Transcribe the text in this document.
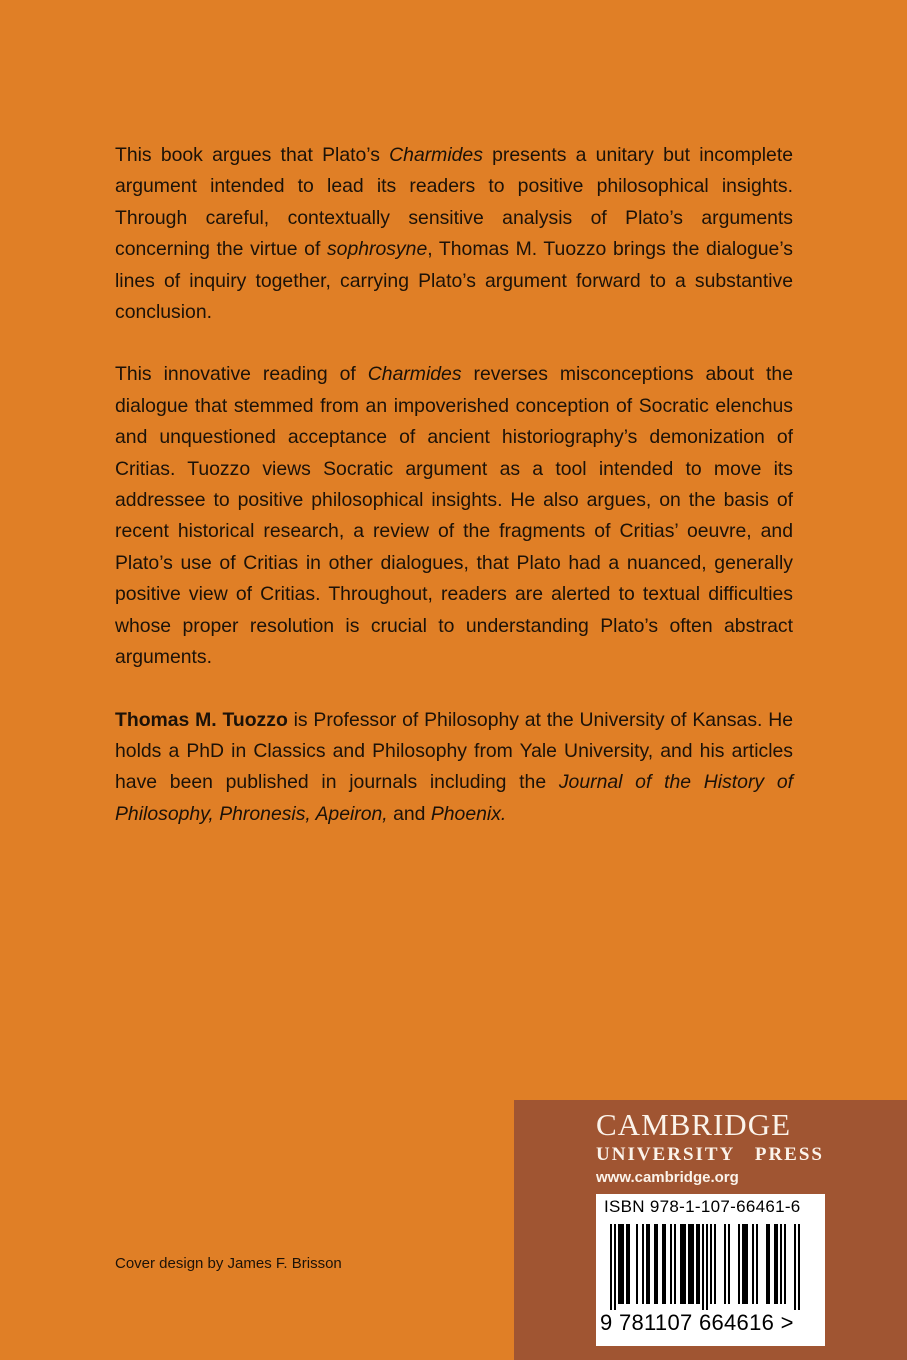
This book argues that Plato’s Charmides presents a unitary but incomplete argument intended to lead its readers to positive philosophical insights. Through careful, contextually sensitive analysis of Plato’s arguments concerning the virtue of sophrosyne, Thomas M. Tuozzo brings the dialogue’s lines of inquiry together, carrying Plato’s argument forward to a substantive conclusion.

This innovative reading of Charmides reverses misconceptions about the dialogue that stemmed from an impoverished conception of Socratic elenchus and unquestioned acceptance of ancient historiography’s demonization of Critias. Tuozzo views Socratic argument as a tool intended to move its addressee to positive philosophical insights. He also argues, on the basis of recent historical research, a review of the fragments of Critias’ oeuvre, and Plato’s use of Critias in other dialogues, that Plato had a nuanced, generally positive view of Critias. Throughout, readers are alerted to textual difficulties whose proper resolution is crucial to understanding Plato’s often abstract arguments.

Thomas M. Tuozzo is Professor of Philosophy at the University of Kansas. He holds a PhD in Classics and Philosophy from Yale University, and his articles have been published in journals including the Journal of the History of Philosophy, Phronesis, Apeiron, and Phoenix.

Cover design by James F. Brisson
CAMBRIDGE
UNIVERSITY PRESS
www.cambridge.org
ISBN 978-1-107-66461-6
9 781107 664616 >
